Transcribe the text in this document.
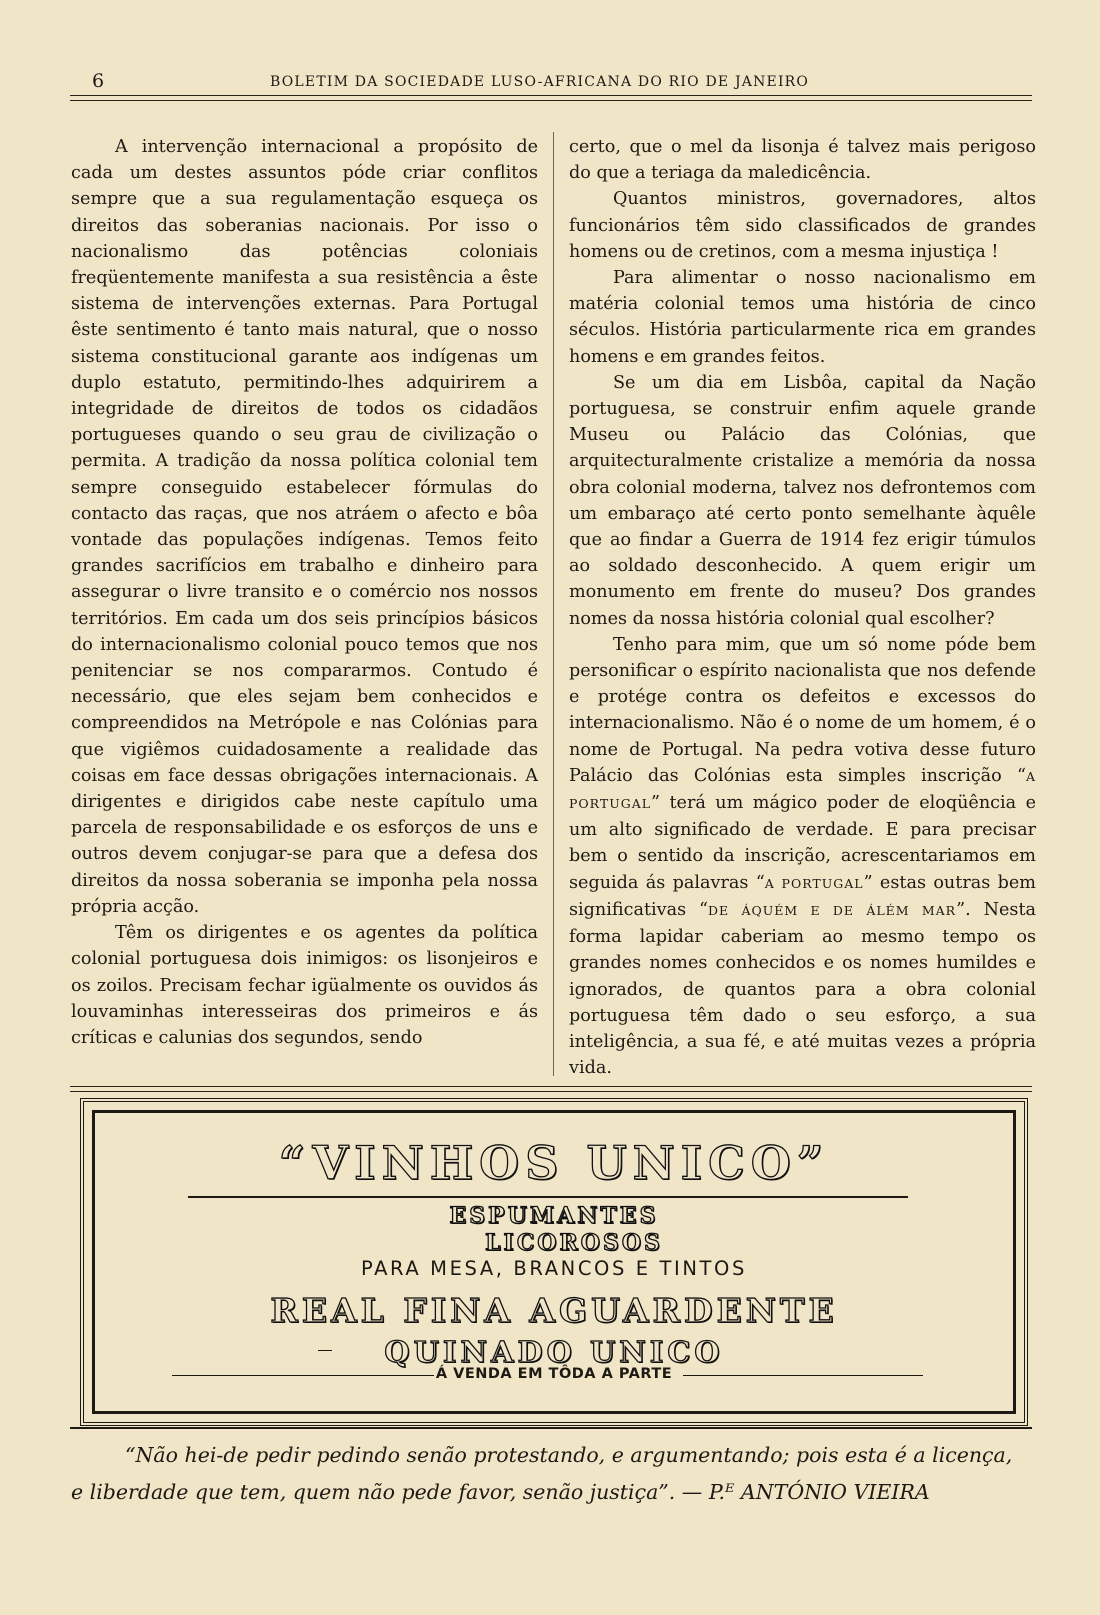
6	BOLETIM DA SOCIEDADE LUSO-AFRICANA DO RIO DE JANEIRO

A intervenção internacional a propósito de cada um destes assuntos póde criar conflitos sempre que a sua regulamentação esqueça os direitos das soberanias nacionais. Por isso o nacionalismo das potências coloniais freqüentemente manifesta a sua resistência a êste sistema de intervenções externas. Para Portugal êste sentimento é tanto mais natural, que o nosso sistema constitucional garante aos indígenas um duplo estatuto, permitindo-lhes adquirirem a integridade de direitos de todos os cidadãos portugueses quando o seu grau de civilização o permita. A tradição da nossa política colonial tem sempre conseguido estabelecer fórmulas do contacto das raças, que nos atráem o afecto e bôa vontade das populações indígenas. Temos feito grandes sacrifícios em trabalho e dinheiro para assegurar o livre transito e o comércio nos nossos territórios. Em cada um dos seis princípios básicos do internacionalismo colonial pouco temos que nos penitenciar se nos compararmos. Contudo é necessário, que eles sejam bem conhecidos e compreendidos na Metrópole e nas Colónias para que vigiêmos cuidadosamente a realidade das coisas em face dessas obrigações internacionais. A dirigentes e dirigidos cabe neste capítulo uma parcela de responsabilidade e os esforços de uns e outros devem conjugar-se para que a defesa dos direitos da nossa soberania se imponha pela nossa própria acção.

Têm os dirigentes e os agentes da política colonial portuguesa dois inimigos: os lisonjeiros e os zoilos. Precisam fechar igüalmente os ouvidos ás louvaminhas interesseiras dos primeiros e ás críticas e calunias dos segundos, sendo

certo, que o mel da lisonja é talvez mais perigoso do que a teriaga da maledicência.

Quantos ministros, governadores, altos funcionários têm sido classificados de grandes homens ou de cretinos, com a mesma injustiça !

Para alimentar o nosso nacionalismo em matéria colonial temos uma história de cinco séculos. História particularmente rica em grandes homens e em grandes feitos.

Se um dia em Lisbôa, capital da Nação portuguesa, se construir enfim aquele grande Museu ou Palácio das Colónias, que arquitecturalmente cristalize a memória da nossa obra colonial moderna, talvez nos defrontemos com um embaraço até certo ponto semelhante àquêle que ao findar a Guerra de 1914 fez erigir túmulos ao soldado desconhecido. A quem erigir um monumento em frente do museu? Dos grandes nomes da nossa história colonial qual escolher?

Tenho para mim, que um só nome póde bem personificar o espírito nacionalista que nos defende e protége contra os defeitos e excessos do internacionalismo. Não é o nome de um homem, é o nome de Portugal. Na pedra votiva desse futuro Palácio das Colónias esta simples inscrição “A PORTUGAL” terá um mágico poder de eloqüência e um alto significado de verdade. E para precisar bem o sentido da inscrição, acrescentariamos em seguida ás palavras “A PORTUGAL” estas outras bem significativas “DE ÁQUÉM E DE ÁLÉM MAR”. Nesta forma lapidar caberiam ao mesmo tempo os grandes nomes conhecidos e os nomes humildes e ignorados, de quantos para a obra colonial portuguesa têm dado o seu esforço, a sua inteligência, a sua fé, e até muitas vezes a própria vida.

“VINHOS UNICO”
ESPUMANTES
LICOROSOS
PARA MESA, BRANCOS E TINTOS
REAL FINA AGUARDENTE
QUINADO UNICO
Á VENDA EM TÔDA A PARTE
“Não hei-de pedir pedindo senão protestando, e argumentando; pois esta é a licença,
e liberdade que tem, quem não pede favor, senão justiça”. — P.ᴱ ANTÓNIO VIEIRA
